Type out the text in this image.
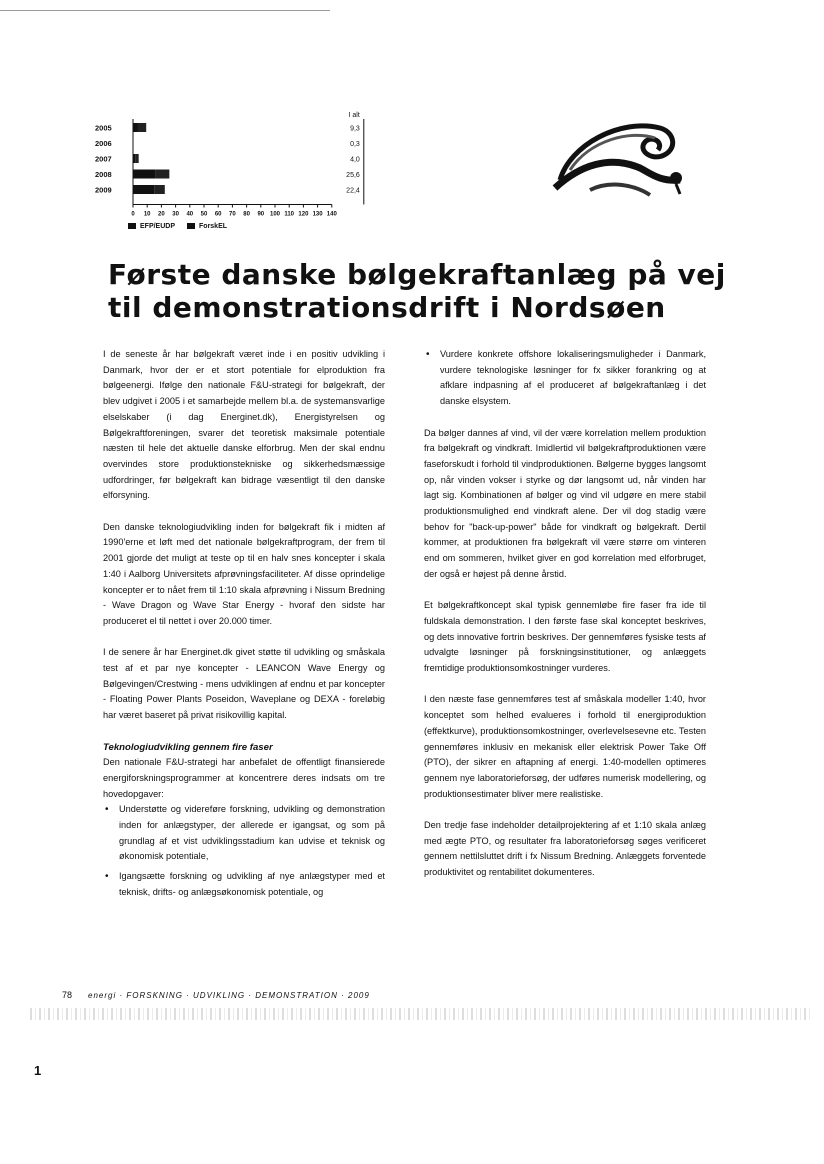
I alt
2005	9,3
2006	0,3
2007	4,0
2008	25,6
2009	22,4
0 10 20 30 40 50 60 70 80 90 100 110 120 130 140
EFP/EUDP	ForskEL
Første danske bølgekraftanlæg på vej til demonstrationsdrift i Nordsøen

I de seneste år har bølgekraft været inde i en positiv udvikling i Danmark, hvor der er et stort potentiale for elproduktion fra bølgeenergi. Ifølge den nationale F&U-strategi for bølgekraft, der blev udgivet i 2005 i et samarbejde mellem bl.a. de systemansvarlige elselskaber (i dag Energinet.dk), Energistyrelsen og Bølgekraftforeningen, svarer det teoretisk maksimale potentiale næsten til hele det aktuelle danske elforbrug. Men der skal endnu overvindes store produktionstekniske og sikkerhedsmæssige udfordringer, før bølgekraft kan bidrage væsentligt til den danske elforsyning.

Den danske teknologiudvikling inden for bølgekraft fik i midten af 1990'erne et løft med det nationale bølgekraftprogram, der frem til 2001 gjorde det muligt at teste op til en halv snes koncepter i skala 1:40 i Aalborg Universitets afprøvningsfaciliteter. Af disse oprindelige koncepter er to nået frem til 1:10 skala afprøvning i Nissum Bredning - Wave Dragon og Wave Star Energy - hvoraf den sidste har produceret el til nettet i over 20.000 timer.

I de senere år har Energinet.dk givet støtte til udvikling og småskala test af et par nye koncepter - LEANCON Wave Energy og Bølgevingen/Crestwing - mens udviklingen af endnu et par koncepter - Floating Power Plants Poseidon, Waveplane og DEXA - foreløbig har været baseret på privat risikovillig kapital.

Teknologiudvikling gennem fire faser
Den nationale F&U-strategi har anbefalet de offentligt finansierede energiforskningsprogrammer at koncentrere deres indsats om tre hovedopgaver:
• Understøtte og videreføre forskning, udvikling og demonstration inden for anlægstyper, der allerede er igangsat, og som på grundlag af et vist udviklingsstadium kan udvise et teknisk og økonomisk potentiale,
• Igangsætte forskning og udvikling af nye anlægstyper med et teknisk, drifts- og anlægsøkonomisk potentiale, og
• Vurdere konkrete offshore lokaliseringsmuligheder i Danmark, vurdere teknologiske løsninger for fx sikker forankring og at afklare indpasning af el produceret af bølgekraftanlæg i det danske elsystem.

Da bølger dannes af vind, vil der være korrelation mellem produktion fra bølgekraft og vindkraft. Imidlertid vil bølgekraftproduktionen være faseforskudt i forhold til vindproduktionen. Bølgerne bygges langsomt op, når vinden vokser i styrke og dør langsomt ud, når vinden har lagt sig. Kombinationen af bølger og vind vil udgøre en mere stabil produktionsmulighed end vindkraft alene. Der vil dog stadig være behov for "back-up-power" både for vindkraft og bølgekraft. Dertil kommer, at produktionen fra bølgekraft vil være større om vinteren end om sommeren, hvilket giver en god korrelation med elforbruget, der også er højest på denne årstid.

Et bølgekraftkoncept skal typisk gennemløbe fire faser fra ide til fuldskala demonstration. I den første fase skal konceptet beskrives, og dets innovative fortrin beskrives. Der gennemføres fysiske tests af udvalgte løsninger på forskningsinstitutioner, og anlæggets fremtidige produktionsomkostninger vurderes.

I den næste fase gennemføres test af småskala modeller 1:40, hvor konceptet som helhed evalueres i forhold til energiproduktion (effektkurve), produktionsomkostninger, overlevelsesevne etc. Testen gennemføres inklusiv en mekanisk eller elektrisk Power Take Off (PTO), der sikrer en aftapning af energi. 1:40-modellen optimeres gennem nye laboratorieforsøg, der udføres numerisk modellering, og produktionsestimater bliver mere realistiske.

Den tredje fase indeholder detailprojektering af et 1:10 skala anlæg med ægte PTO, og resultater fra laboratorieforsøg søges verificeret gennem nettilsluttet drift i fx Nissum Bredning. Anlæggets forventede produktivitet og rentabilitet dokumenteres.

78 energi · FORSKNING · UDVIKLING · DEMONSTRATION · 2009
1
